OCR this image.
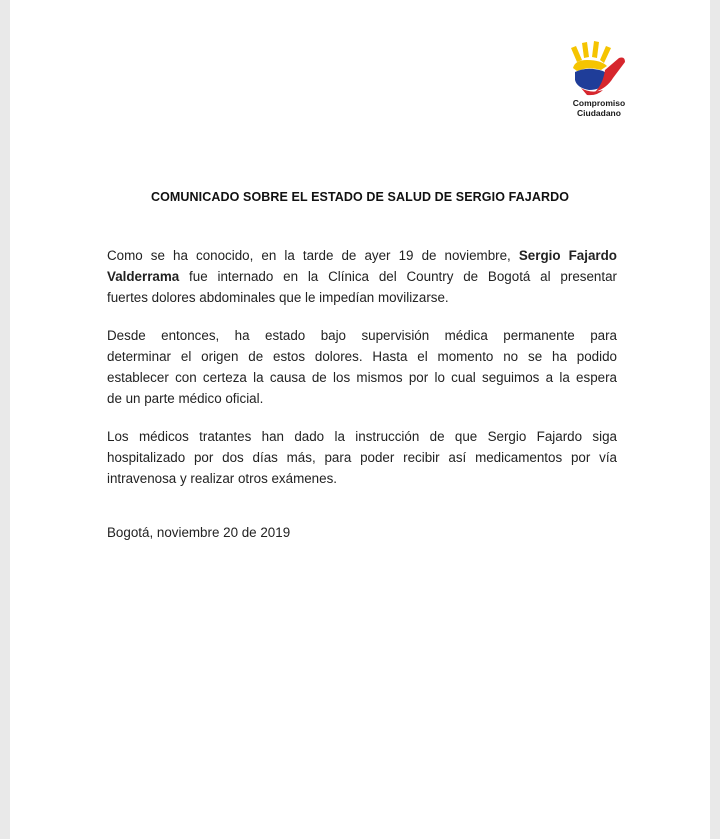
Compromiso
Ciudadano
COMUNICADO SOBRE EL ESTADO DE SALUD DE SERGIO FAJARDO
Como se ha conocido, en la tarde de ayer 19 de noviembre, Sergio Fajardo
Valderrama fue internado en la Clínica del Country de Bogotá al presentar
fuertes dolores abdominales que le impedían movilizarse.
Desde entonces, ha estado bajo supervisión médica permanente para
determinar el origen de estos dolores. Hasta el momento no se ha podido
establecer con certeza la causa de los mismos por lo cual seguimos a la espera
de un parte médico oficial.
Los médicos tratantes han dado la instrucción de que Sergio Fajardo siga
hospitalizado por dos días más, para poder recibir así medicamentos por vía
intravenosa y realizar otros exámenes.
Bogotá, noviembre 20 de 2019
